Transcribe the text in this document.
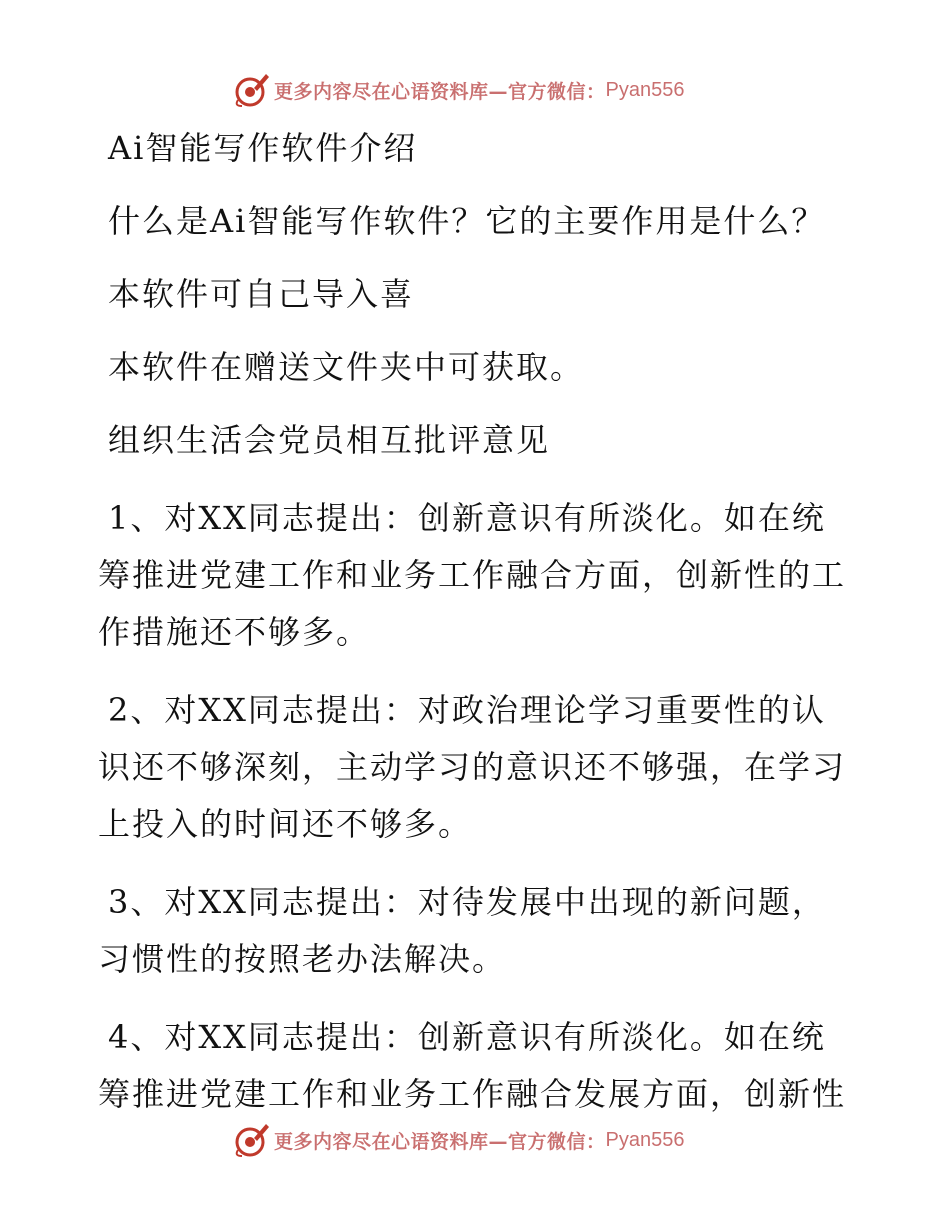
更多内容尽在心语资料库—官方微信： Pyan556
Ai智能写作软件介绍
什么是Ai智能写作软件？它的主要作用是什么？
本软件可自己导入喜
本软件在赠送文件夹中可获取。
组织生活会党员相互批评意见
1、对XX同志提出：创新意识有所淡化。如在统
筹推进党建工作和业务工作融合方面，创新性的工
作措施还不够多。
2、对XX同志提出：对政治理论学习重要性的认
识还不够深刻，主动学习的意识还不够强，在学习
上投入的时间还不够多。
3、对XX同志提出：对待发展中出现的新问题，
习惯性的按照老办法解决。
4、对XX同志提出：创新意识有所淡化。如在统
筹推进党建工作和业务工作融合发展方面，创新性
更多内容尽在心语资料库—官方微信： Pyan556
